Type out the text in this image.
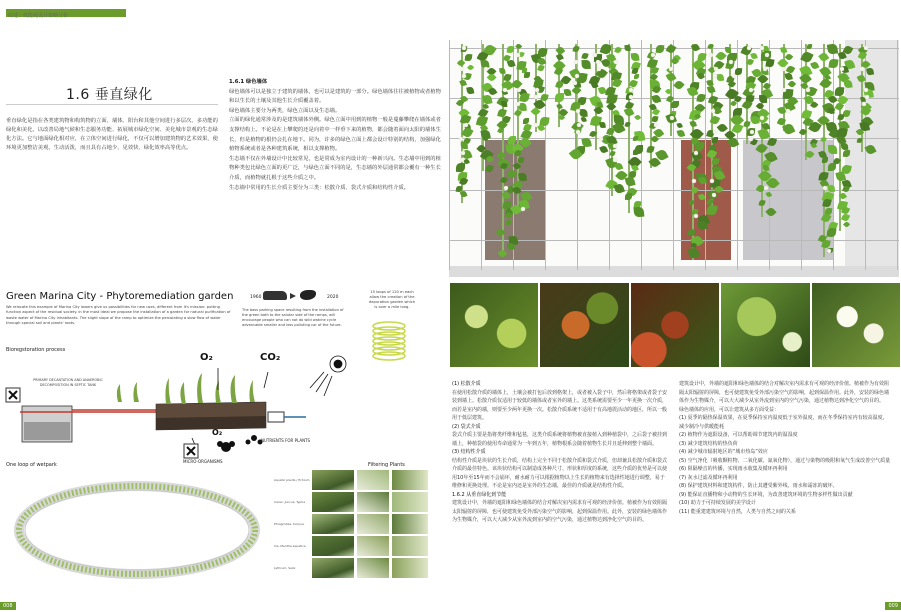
Introduction: Low-energy Strategies
综述：低能耗设计策略分析
1.6 垂直绿化
垂直绿化是指在各类建筑物和构筑物的立面、墙体、阳台和其他空间进行多层次、多功能的绿化和美化，以改善局地气候和生态服务功能、拓展城市绿化空间、美化城市景观的生态绿化方法。它与地面绿化相对应，在立体空间进行绿化，不仅可以增加建筑物的艺术效果，使环境更加整洁美观、生动活泼，而且具有占地少、见效快、绿化效率高等优点。
1.6.1 绿色墙体
绿色墙体可以是独立于建筑的墙体，也可以是建筑的一部分。绿色墙体往往被植物或者植物和以生长的土壤及其他生长介质覆盖着。
绿色墙体主要分为两类，绿色立面以及生态墙。
立面的绿化通常涉及的是建筑墙体外侧。绿色立面中用到的植物一般是蔓藤攀爬在墙体或者支撑结构上。不论是在上攀爬的还是向着中一样垂下来的植物，都会随着面向太阳的墙体生长，但是植物的根仍会扎在地下。同为，许多的绿色立面上都会设计特别的结构，加强绿化植物系统或者是各种建筑系统，相以支撑植物。
生态墙不仅在外墙设计中比较常见，也是常成为室内设计的一种新兴向。生态墙中用到的植物种类包比绿色立面的更广泛，与绿色立面不同的是，生态墙的外层通常都会覆有一种生长介质，而植物就扎根于这些介质之中。
生态墙中常用的生长介质主要分为三类：松散介质、袋式介质和结构性介质。
Green Marina City - Phytoremediation garden
We relocate this example of Marina City lowers give us possibilities for new uses, different from it's mission: putting function aspect of the residual society. In the most ideal we propose the installation of a garden for natural purification of waste water of Marina City inhabitants. The slight slope of the ramp to optimize the percolating a slow flow of water through special soil and plants' roots.
1960	2020
The bass parking space resulting from the installation of the green bath to the salutar side of the ramps, will encourage people who can not do wild watche cycle advancable smaller and less polluting car of the future.
15 loops of 120 m each allow the creation of the depuration garden which is over a mile long.
Bioregstoration process
PRIMARY DECANTATION AND ANAEROBIC DECOMPOSITION IN SEPTIC TANK
O₂	CO₂
O₂
NUTRIENTS FOR PLANTS
MICRO-ORGANISMS
One loop of wetpark	Filtering Plants
Aquatic plants / Echium
Carex, Juncus, Typha
Phragmites, Scirpus
Iris, Mentha aquatica
Lythrum, Salix
(1) 松散介质
在使用松散介质的墙体上，土壤会被打包后放到格架上，或者被入袋子中，然后将格架或者袋子安装到墙上。松散介质仅适用于较低的墙体或者室外的墙上。这类系统需要至少一年更换一次介质，而若是室内的墙，则要至少两年更换一次。松散介质系统不适用于有高地震活动的地区，所以一般用于低层建筑。
(2) 袋式介质
袋式介质主要是指将类纤维和毡毯，这类介质系统将植物被直接植入到种植袋中，之后袋子被挂到墙上，种植袋的使用寿命通常为一年到五年，植物根系会随着植物生长并且延伸到整个墙面。
(3) 结构性介质
结构性介质是块状的生长介质，结构上完全不同于松散介质和袋式介质，但却兼具松散介质和袋式介质的最佳特色。该块状结构可以制造成各种尺寸、形状和厚度的系统，这些介质的优势是可以使用10年至15年而不会崩坏，耐水耐力可以根据植物以上生长的植物来有选择性地进行调整，易于维修和更换处理。不论是室内还是室外的生态墙，最佳的介质就是结构性介质。
1.6.2 从垂直绿化到节能
建筑设计中，外墙的遮阳和绿色墙体的结合对解决室内需求有可观的经济价值。植被作为有效阻隔太阳辐射的屏障，也可使建筑免受外部污染空气的影响，起到保温作用。此外，安装的绿色墙体作为生物媒介，可以大大减少从室外流到室内的空气污染，通过植物达到净化空气的目的。
建筑设计中，外墙的遮阳和绿色墙体的结合对解决室内需求有可观的经济价值。植被作为有效阻隔太阳辐射的屏障，也可使建筑免受外部污染空气的影响，起到保温作用。此外，安装的绿色墙体作为生物媒介，可以大大减少从室外流到室内的空气污染，通过植物达到净化空气的目的。
绿色墙体的应用，可以让建筑从多方面受益：
(1) 夏季的隔热保温效果，在夏季保持室内温度低于室外温度，而在冬季保持室内有较高温度，减少制冷与供暖能耗
(2) 植物作为遮阳设备，可以帮助调节建筑内的温湿度
(3) 减少建筑结构的热负荷
(4) 减少城市辐射地区的“城市热岛”效应
(5) 空气净化（吸收颗粒物、二氧化碳、氮氧化物），通过与染物的吸附和氧气生成改善空气质量
(6) 阻隔噪音的传播，实现雨水收集及循环再利用
(7) 灰水过滤及循环再利用
(8) 保护建筑材料和建筑构件，防止其遭受紫外线、雨水和霜冻的破坏。
(9) 能保证直播物和小动物的生长环境，为改善建筑环境的生物多样性做出贡献
(10) 助力于可持续发展的美学设计
(11) 能重建建筑环境与自然，人类与自然之间的关系
008	009
